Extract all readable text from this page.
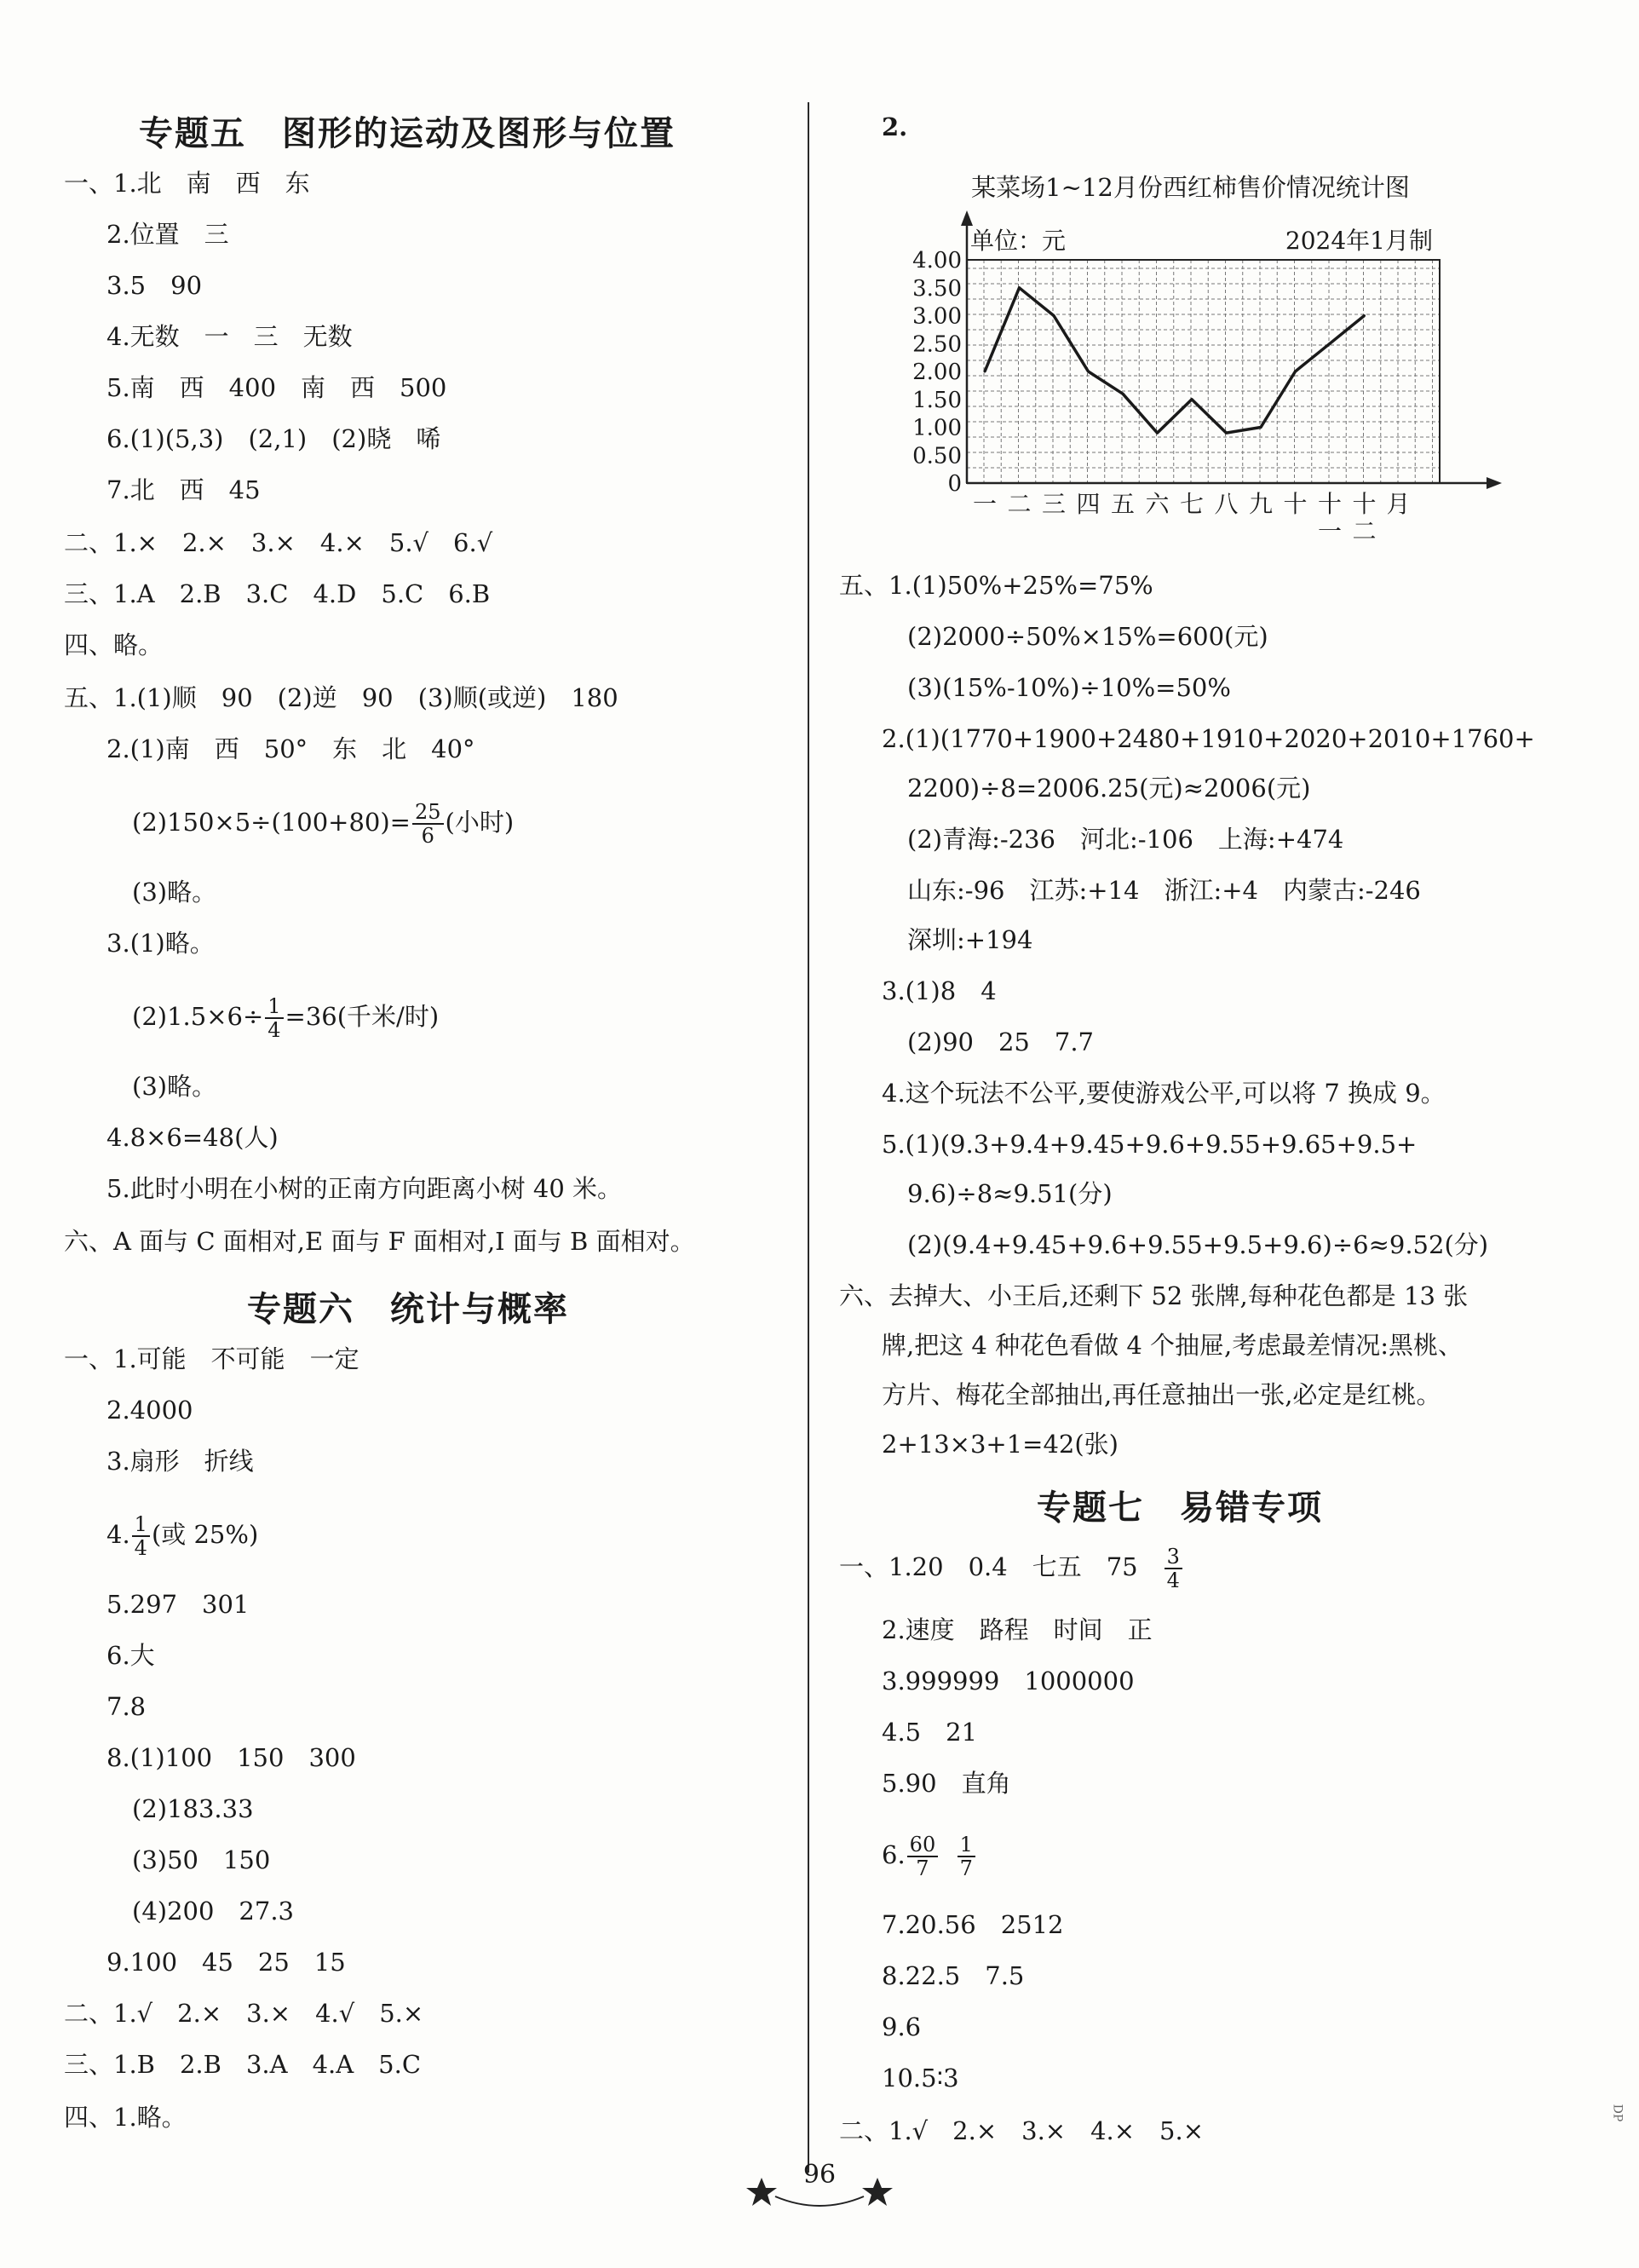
专题五　图形的运动及图形与位置
一、1.北　南　西　东
2.位置　三
3.5　90
4.无数　一　三　无数
5.南　西　400　南　西　500
6.(1)(5,3)　(2,1)　(2)晓　唏
7.北　西　45
二、1.×　2.×　3.×　4.×　5.√　6.√
三、1.A　2.B　3.C　4.D　5.C　6.B
四、略。
五、1.(1)顺　90　(2)逆　90　(3)顺(或逆)　180
2.(1)南　西　50°　东　北　40°
$(2)150\times 5\div(100+80)= \frac{25}{6}$ (小时)
(3)略。
3.(1)略。
$(2)1.5\times 6\div \frac{1}{4} =36$(千米/时)
(3)略。
4.8×6=48(人)
5.此时小明在小树的正南方向距离小树 40 米。
六、A 面与 C 面相对,E 面与 F 面相对,I 面与 B 面相对。
专题六　统计与概率
一、1.可能　不可能　一定
2.4000
3.扇形　折线
4. $\frac{1}{4}$ (或 25%)
5.297　301
6.大
7.8
8.(1)100　150　300
(2)183.33
(3)50　150
(4)200　27.3
9.100　45　25　15
二、1.√　2.×　3.×　4.√　5.×
三、1.B　2.B　3.A　4.A　5.C
四、1.略。
2.
五、1.(1)50%+25%=75%
(2)2000÷50%×15%=600(元)
(3)(15%-10%)÷10%=50%
2.(1)(1770+1900+2480+1910+2020+2010+1760+
2200)÷8=2006.25(元)≈2006(元)
(2)青海:-236　河北:-106　上海:+474
山东:-96　江苏:+14　浙江:+4　内蒙古:-246
深圳:+194
3.(1)8　4
(2)90　25　7.7
4.这个玩法不公平,要使游戏公平,可以将 7 换成 9。
5.(1)(9.3+9.4+9.45+9.6+9.55+9.65+9.5+
9.6)÷8≈9.51(分)
(2)(9.4+9.45+9.6+9.55+9.5+9.6)÷6≈9.52(分)
六、去掉大、小王后,还剩下 52 张牌,每种花色都是 13 张
牌,把这 4 种花色看做 4 个抽屉,考虑最差情况:黑桃、
方片、梅花全部抽出,再任意抽出一张,必定是红桃。
2+13×3+1=42(张)
专题七　易错专项
一、1.20　0.4　七五　75　 $\frac{3}{4}$
2.速度　路程　时间　正
3.999999　1000000
4.5　21
5.90　直角
6. $\frac{60}{7}$
$\frac{1}{7}$
7.20.56　2512
8.22.5　7.5
9.6
10.5∶3
二、1.√　2.×　3.×　4.×　5.×
某菜场1~12月份西红柿售价情况统计图
单位：元	2024年1月制
0
0.50
1.00
1.50
2.00
2.50
3.00
3.50
4.00
一 二 三 四 五 六 七 八 九 十 十
一
十
二
月
96
DP
